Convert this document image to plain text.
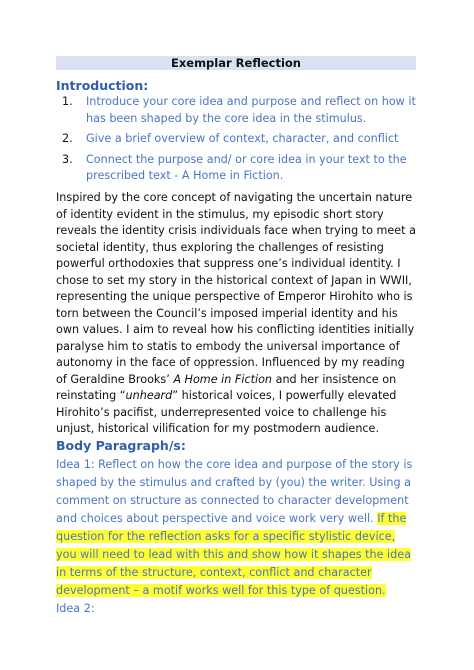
Exemplar Reflection
Introduction:
1. Introduce your core idea and purpose and reflect on how it has been shaped by the core idea in the stimulus.
2. Give a brief overview of context, character, and conflict
3. Connect the purpose and/ or core idea in your text to the prescribed text - A Home in Fiction.

Inspired by the core concept of navigating the uncertain nature of identity evident in the stimulus, my episodic short story reveals the identity crisis individuals face when trying to meet a societal identity, thus exploring the challenges of resisting powerful orthodoxies that suppress one’s individual identity. I chose to set my story in the historical context of Japan in WWII, representing the unique perspective of Emperor Hirohito who is torn between the Council’s imposed imperial identity and his own values. I aim to reveal how his conflicting identities initially paralyse him to statis to embody the universal importance of autonomy in the face of oppression. Influenced by my reading of Geraldine Brooks’ A Home in Fiction and her insistence on reinstating “unheard” historical voices, I powerfully elevated Hirohito’s pacifist, underrepresented voice to challenge his unjust, historical vilification for my postmodern audience.

Body Paragraph/s:

Idea 1: Reflect on how the core idea and purpose of the story is shaped by the stimulus and crafted by (you) the writer. Using a comment on structure as connected to character development and choices about perspective and voice work very well. If the question for the reflection asks for a specific stylistic device, you will need to lead with this and show how it shapes the idea in terms of the structure, context, conflict and character development – a motif works well for this type of question.
Idea 2:
